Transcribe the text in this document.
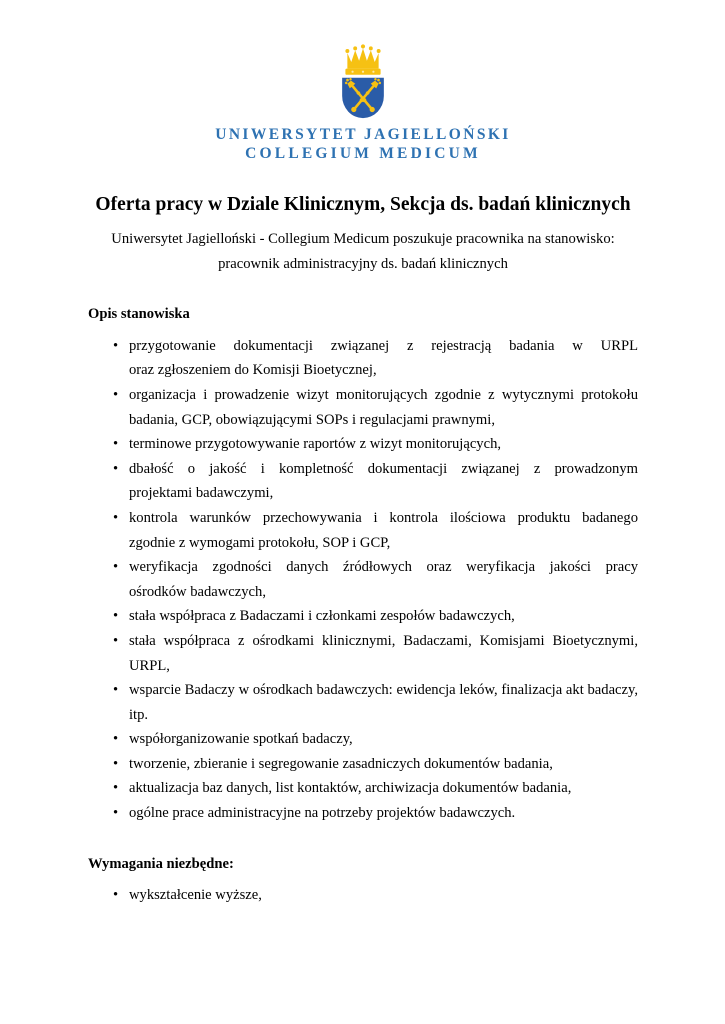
UNIWERSYTET JAGIELLOŃSKI
COLLEGIUM MEDICUM
Oferta pracy w Dziale Klinicznym, Sekcja ds. badań klinicznych

Uniwersytet Jagielloński - Collegium Medicum poszukuje pracownika na stanowisko:

pracownik administracyjny ds. badań klinicznych

Opis stanowiska
• przygotowanie dokumentacji związanej z rejestracją badania w URPL
oraz zgłoszeniem do Komisji Bioetycznej,
• organizacja i prowadzenie wizyt monitorujących zgodnie z wytycznymi protokołu badania, GCP, obowiązującymi SOPs i regulacjami prawnymi,
• terminowe przygotowywanie raportów z wizyt monitorujących,
• dbałość o jakość i kompletność dokumentacji związanej z prowadzonym
projektami badawczymi,
• kontrola warunków przechowywania i kontrola ilościowa produktu badanego
zgodnie z wymogami protokołu, SOP i GCP,
• weryfikacja zgodności danych źródłowych oraz weryfikacja jakości pracy
ośrodków badawczych,
• stała współpraca z Badaczami i członkami zespołów badawczych,
• stała współpraca z ośrodkami klinicznymi, Badaczami, Komisjami Bioetycznymi, URPL,
• wsparcie Badaczy w ośrodkach badawczych: ewidencja leków, finalizacja akt badaczy, itp.
• współorganizowanie spotkań badaczy,
• tworzenie, zbieranie i segregowanie zasadniczych dokumentów badania,
• aktualizacja baz danych, list kontaktów, archiwizacja dokumentów badania,
• ogólne prace administracyjne na potrzeby projektów badawczych.
Wymagania niezbędne:
• wykształcenie wyższe,
